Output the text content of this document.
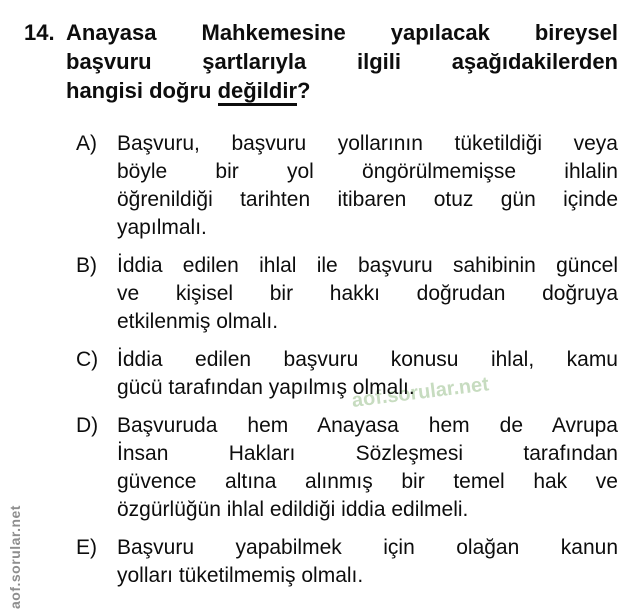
aof.sorular.net
aof.sorular.net
14. Anayasa Mahkemesine yapılacak bireysel
başvuru şartlarıyla ilgili aşağıdakilerden
hangisi doğru değildir?
A) Başvuru, başvuru yollarının tüketildiği veya
böyle bir yol öngörülmemişse ihlalin
öğrenildiği tarihten itibaren otuz gün içinde
yapılmalı.
B) İddia edilen ihlal ile başvuru sahibinin güncel
ve kişisel bir hakkı doğrudan doğruya
etkilenmiş olmalı.
C) İddia edilen başvuru konusu ihlal, kamu
gücü tarafından yapılmış olmalı.
D) Başvuruda hem Anayasa hem de Avrupa
İnsan Hakları Sözleşmesi tarafından
güvence altına alınmış bir temel hak ve
özgürlüğün ihlal edildiği iddia edilmeli.
E) Başvuru yapabilmek için olağan kanun
yolları tüketilmemiş olmalı.
